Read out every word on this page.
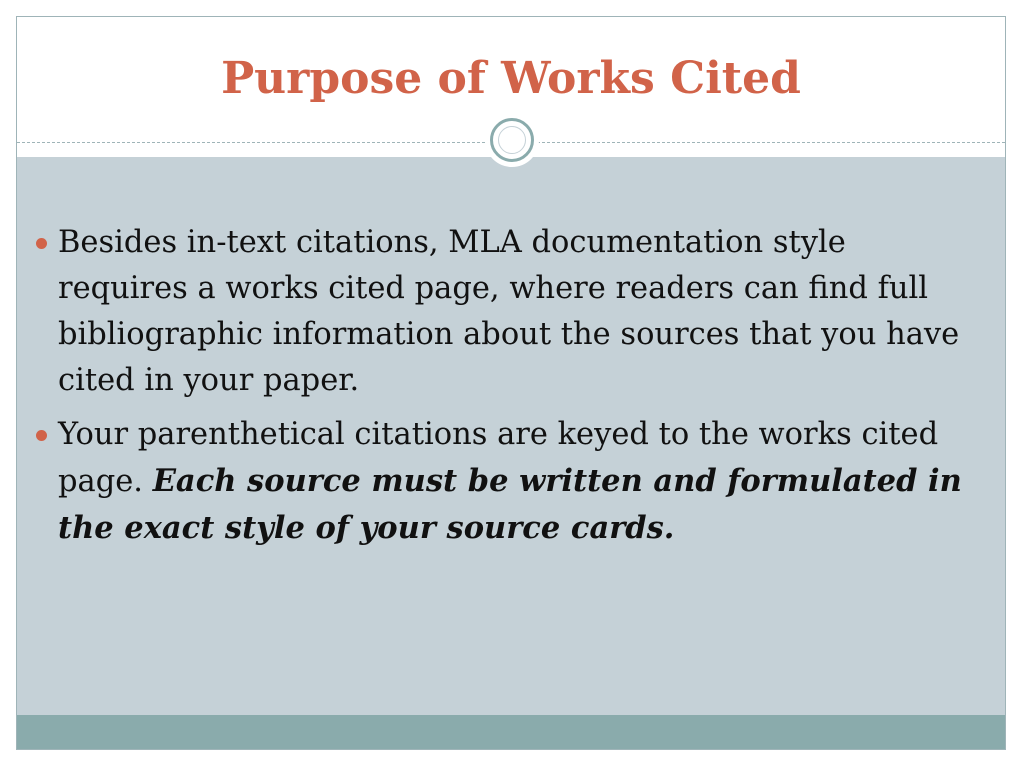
Purpose of Works Cited
Besides in-text citations, MLA documentation style requires a works cited page, where readers can find full bibliographic information about the sources that you have cited in your paper.
Your parenthetical citations are keyed to the works cited page. Each source must be written and formulated in the exact style of your source cards.
